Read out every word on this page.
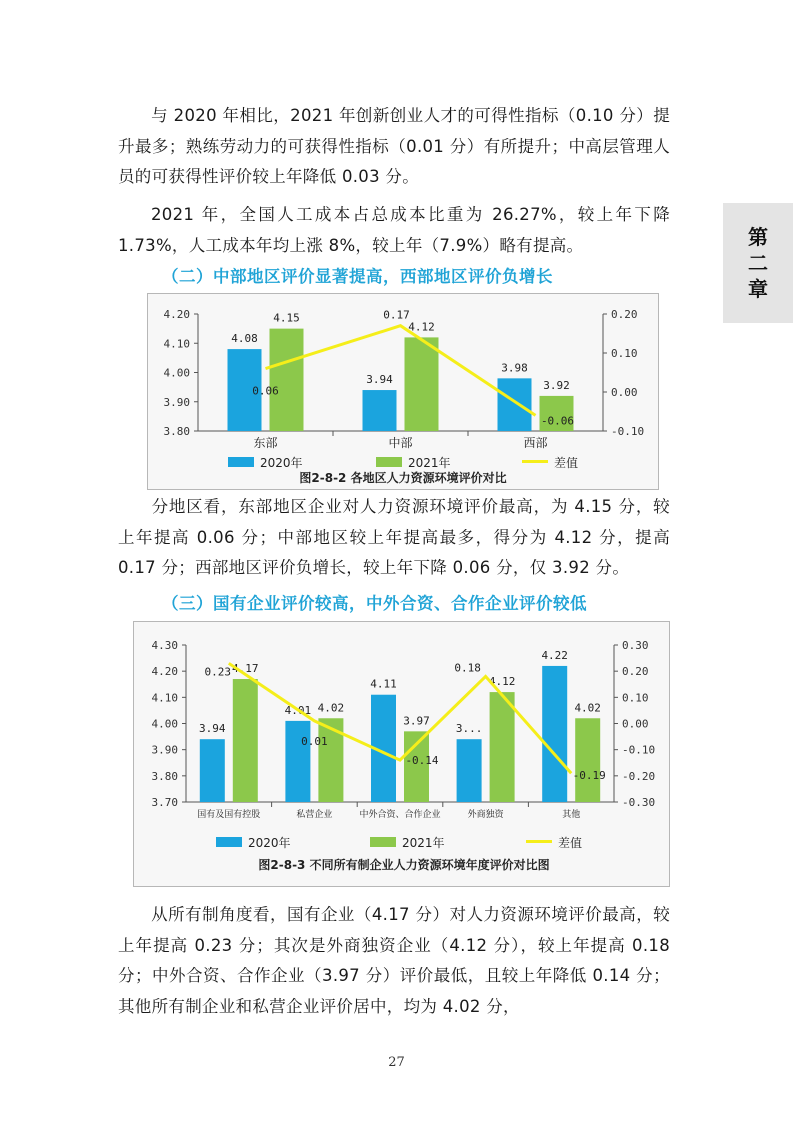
与 2020 年相比，2021 年创新创业人才的可得性指标（0.10 分）提升最多；熟练劳动力的可获得性指标（0.01 分）有所提升；中高层管理人员的可获得性评价较上年降低 0.03 分。

2021 年，全国人工成本占总成本比重为 26.27%，较上年下降 1.73%，人工成本年均上涨 8%，较上年（7.9%）略有提高。	第
二
章

（二）中部地区评价显著提高，西部地区评价负增长

3.80
3.90
4.00
4.10
4.20
-0.10
0.00
0.10
0.20
4.08
4.15
东部
3.94
4.12
中部
3.98
3.92
西部
0.06
0.17
-0.06
2020年	2021年	差值
图2-8-2 各地区人力资源环境评价对比

分地区看，东部地区企业对人力资源环境评价最高，为 4.15 分，较上年提高 0.06 分；中部地区较上年提高最多，得分为 4.12 分，提高 0.17 分；西部地区评价负增长，较上年下降 0.06 分，仅 3.92 分。

（三）国有企业评价较高，中外合资、合作企业评价较低

3.70
3.80
3.90
4.00
4.10
4.20
4.30
-0.30
-0.20
-0.10
0.00
0.10
0.20
0.30
3.94
4.17
国有及国有控股
4.01 4.02
私营企业
4.11
3.97
中外合资、合作企业
3...
4.12
外商独资
4.22
4.02
其他
0.23
0.01
-0.14
0.18
-0.19
2020年	2021年	差值
图2-8-3 不同所有制企业人力资源环境年度评价对比图

从所有制角度看，国有企业（4.17 分）对人力资源环境评价最高，较上年提高 0.23 分；其次是外商独资企业（4.12 分），较上年提高 0.18 分；中外合资、合作企业（3.97 分）评价最低，且较上年降低 0.14 分；其他所有制企业和私营企业评价居中，均为 4.02 分，

27
